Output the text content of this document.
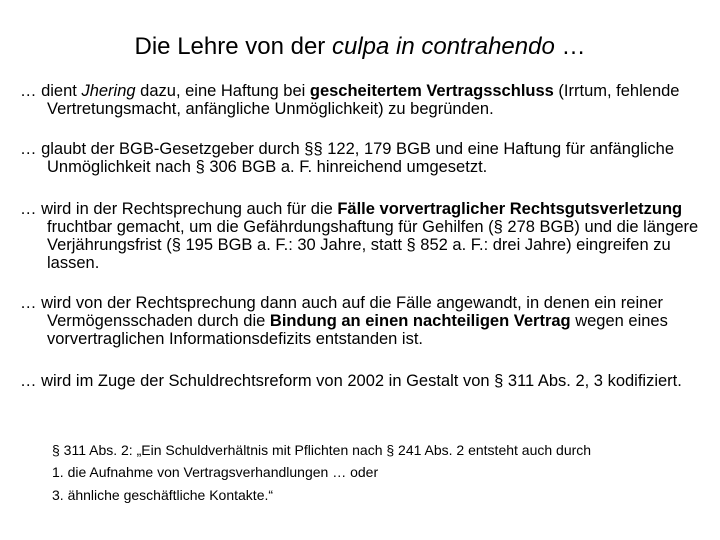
Die Lehre von der culpa in contrahendo …
… dient Jhering dazu, eine Haftung bei gescheitertem Vertragsschluss (Irrtum, fehlende Vertretungsmacht, anfängliche Unmöglichkeit) zu begründen.
… glaubt der BGB-Gesetzgeber durch §§ 122, 179 BGB und eine Haftung für anfängliche Unmöglichkeit nach § 306 BGB a. F. hinreichend umgesetzt.
… wird in der Rechtsprechung auch für die Fälle vorvertraglicher Rechtsgutsverletzung fruchtbar gemacht, um die Gefährdungshaftung für Gehilfen (§ 278 BGB) und die längere Verjährungsfrist (§ 195 BGB a. F.: 30 Jahre, statt § 852 a. F.: drei Jahre) eingreifen zu lassen.
… wird von der Rechtsprechung dann auch auf die Fälle angewandt, in denen ein reiner Vermögensschaden durch die Bindung an einen nachteiligen Vertrag wegen eines vorvertraglichen Informationsdefizits entstanden ist.
… wird im Zuge der Schuldrechtsreform von 2002 in Gestalt von § 311 Abs. 2, 3 kodifiziert.
§ 311 Abs. 2: „Ein Schuldverhältnis mit Pflichten nach § 241 Abs. 2 entsteht auch durch
1. die Aufnahme von Vertragsverhandlungen … oder
3. ähnliche geschäftliche Kontakte.“
